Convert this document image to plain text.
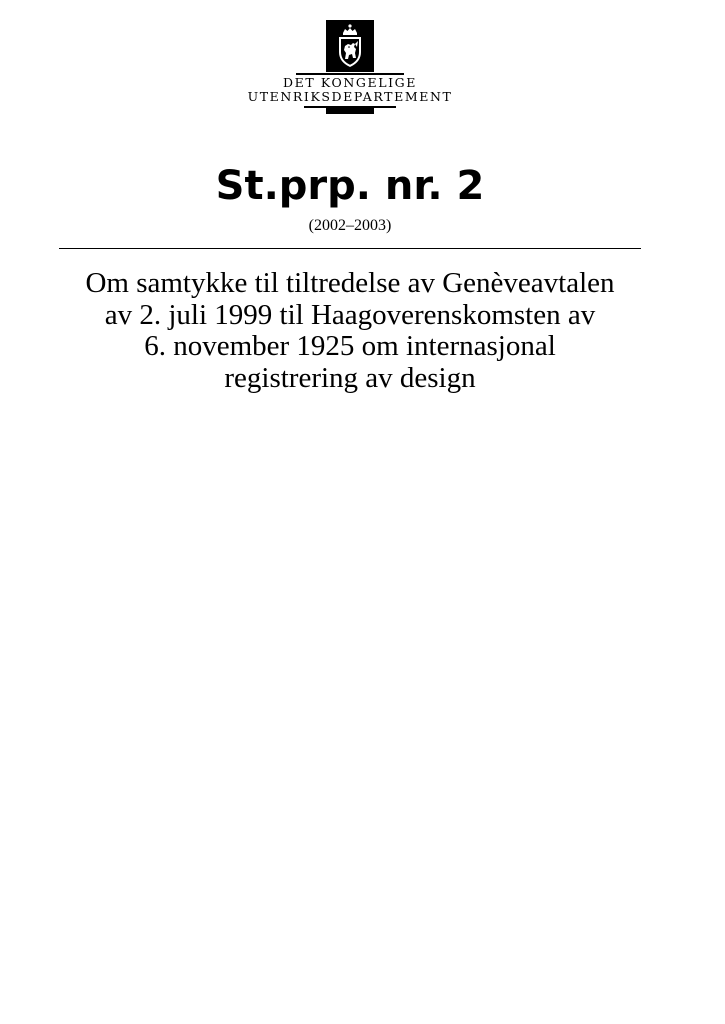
DET KONGELIGE
UTENRIKSDEPARTEMENT
St.prp. nr. 2
(2002–2003)
Om samtykke til tiltredelse av Genèveavtalen
av 2. juli 1999 til Haagoverenskomsten av
6. november 1925 om internasjonal
registrering av design
